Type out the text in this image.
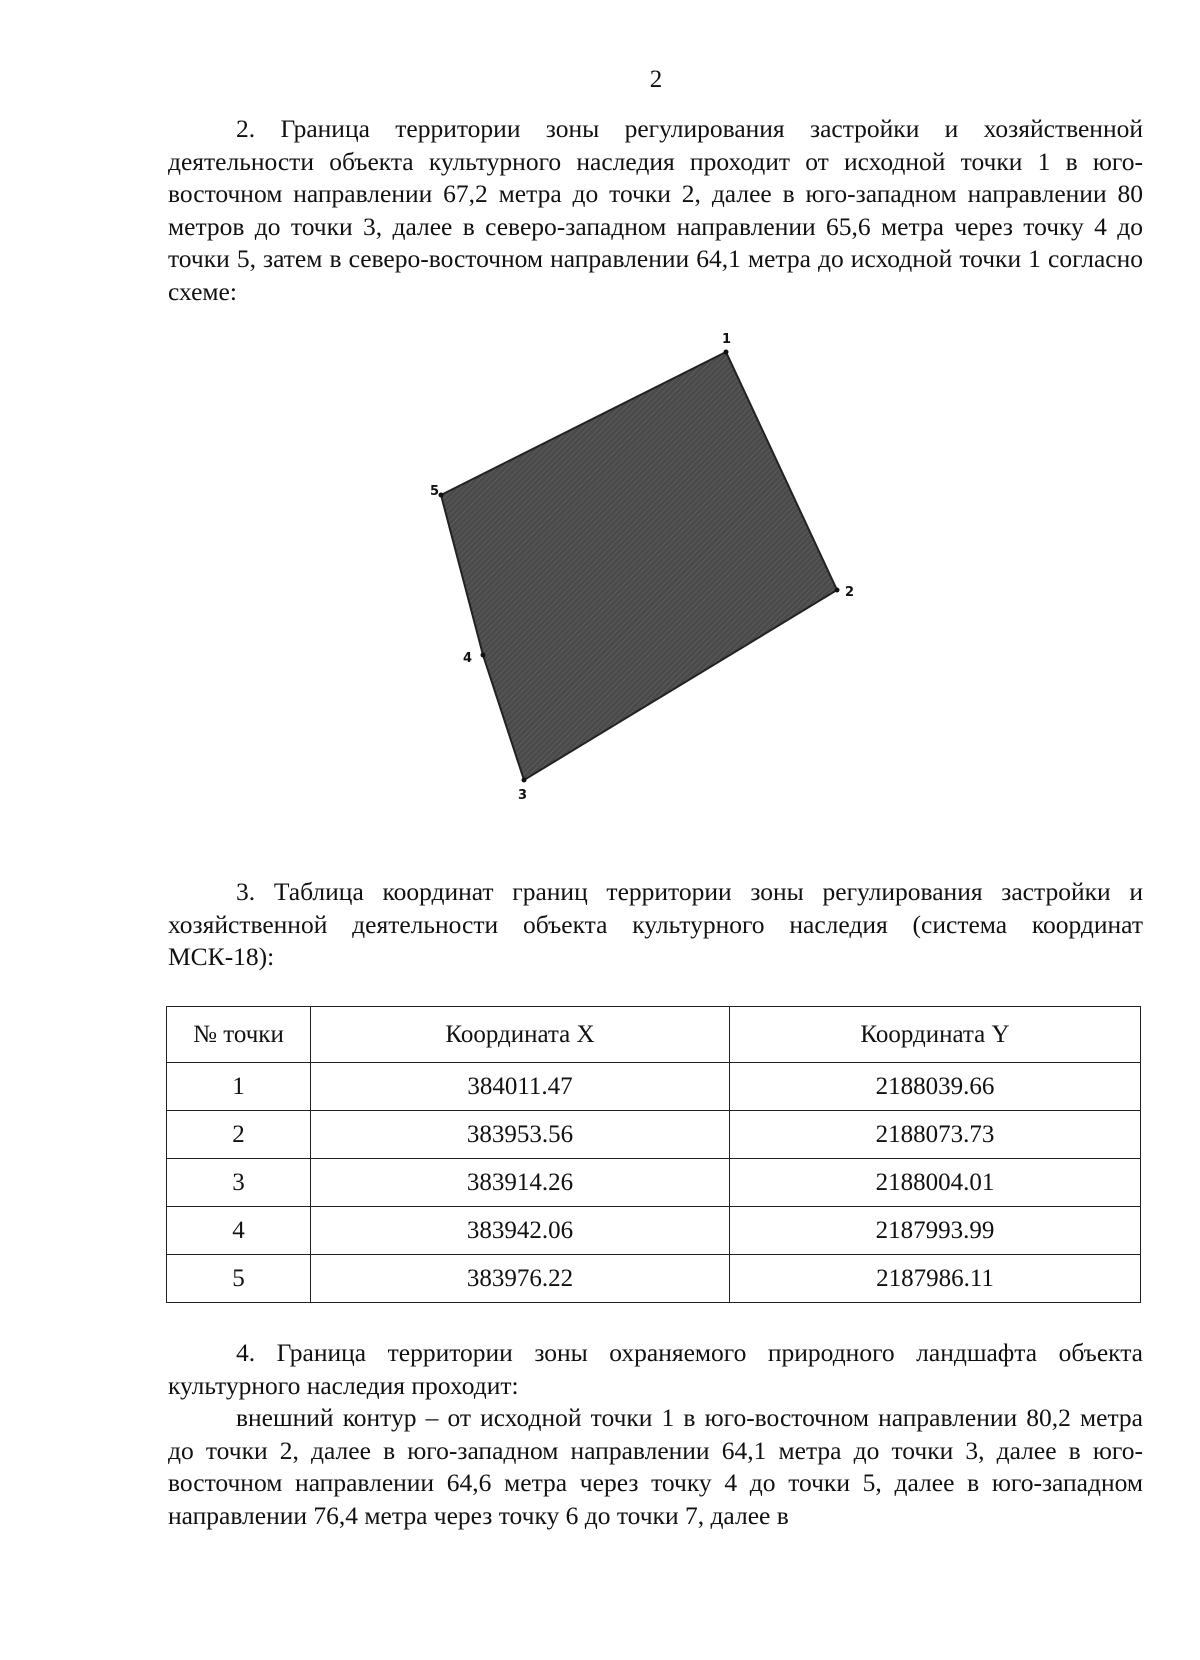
2

2. Граница территории зоны регулирования застройки и хозяйственной деятельности объекта культурного наследия проходит от исходной точки 1 в юго-восточном направлении 67,2 метра до точки 2, далее в юго-западном направлении 80 метров до точки 3, далее в северо-западном направлении 65,6 метра через точку 4 до точки 5, затем в северо-восточном направлении 64,1 метра до исходной точки 1 согласно схеме:

1
2
3
4
5

3. Таблица координат границ территории зоны регулирования застройки и хозяйственной деятельности объекта культурного наследия (система координат МСК-18):

№ точки	Координата X	Координата Y
1	384011.47	2188039.66
2	383953.56	2188073.73
3	383914.26	2188004.01
4	383942.06	2187993.99
5	383976.22	2187986.11

4. Граница территории зоны охраняемого природного ландшафта объекта культурного наследия проходит:

внешний контур – от исходной точки 1 в юго-восточном направлении 80,2 метра до точки 2, далее в юго-западном направлении 64,1 метра до точки 3, далее в юго-восточном направлении 64,6 метра через точку 4 до точки 5, далее в юго-западном направлении 76,4 метра через точку 6 до точки 7, далее в
